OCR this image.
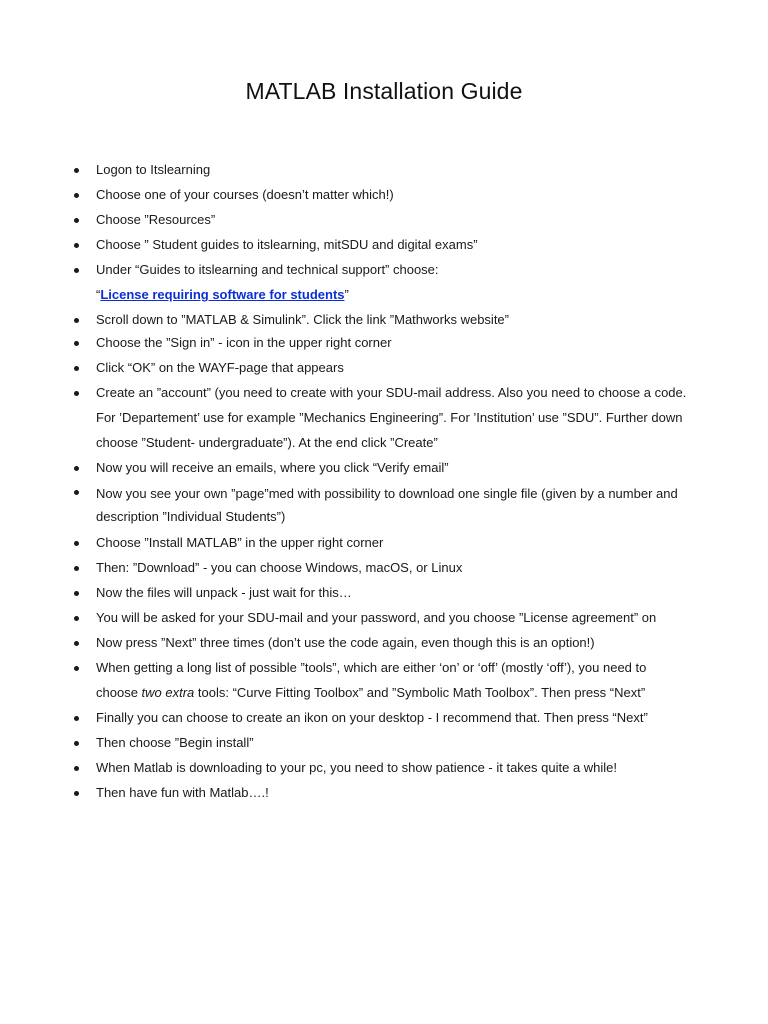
MATLAB Installation Guide
Logon to Itslearning
Choose one of your courses (doesn’t matter which!)
Choose ”Resources”
Choose ” Student guides to itslearning, mitSDU and digital exams”
Under “Guides to itslearning and technical support” choose:
“License requiring software for students”
Scroll down to ”MATLAB & Simulink”. Click the link ”Mathworks website”
Choose the ”Sign in” - icon in the upper right corner
Click “OK” on the WAYF-page that appears
Create an ”account” (you need to create with your SDU-mail address. Also you need to choose a code.
For ’Departement’ use for example ”Mechanics Engineering”. For ’Institution’ use ”SDU”. Further down
choose ”Student- undergraduate”). At the end click ”Create”
Now you will receive an emails, where you click “Verify email”
Now you see your own ”page”med with possibility to download one single file (given by a number and
description ”Individual Students”)
Choose ”Install MATLAB” in the upper right corner
Then: ”Download” - you can choose Windows, macOS, or Linux
Now the files will unpack - just wait for this…
You will be asked for your SDU-mail and your password, and you choose ”License agreement” on
Now press ”Next” three times (don’t use the code again, even though this is an option!)
When getting a long list of possible ”tools”, which are either ‘on’ or ‘off’ (mostly ‘off’), you need to
choose two extra tools: “Curve Fitting Toolbox” and ”Symbolic Math Toolbox”. Then press “Next”
Finally you can choose to create an ikon on your desktop - I recommend that. Then press “Next”
Then choose ”Begin install”
When Matlab is downloading to your pc, you need to show patience - it takes quite a while!
Then have fun with Matlab….!
